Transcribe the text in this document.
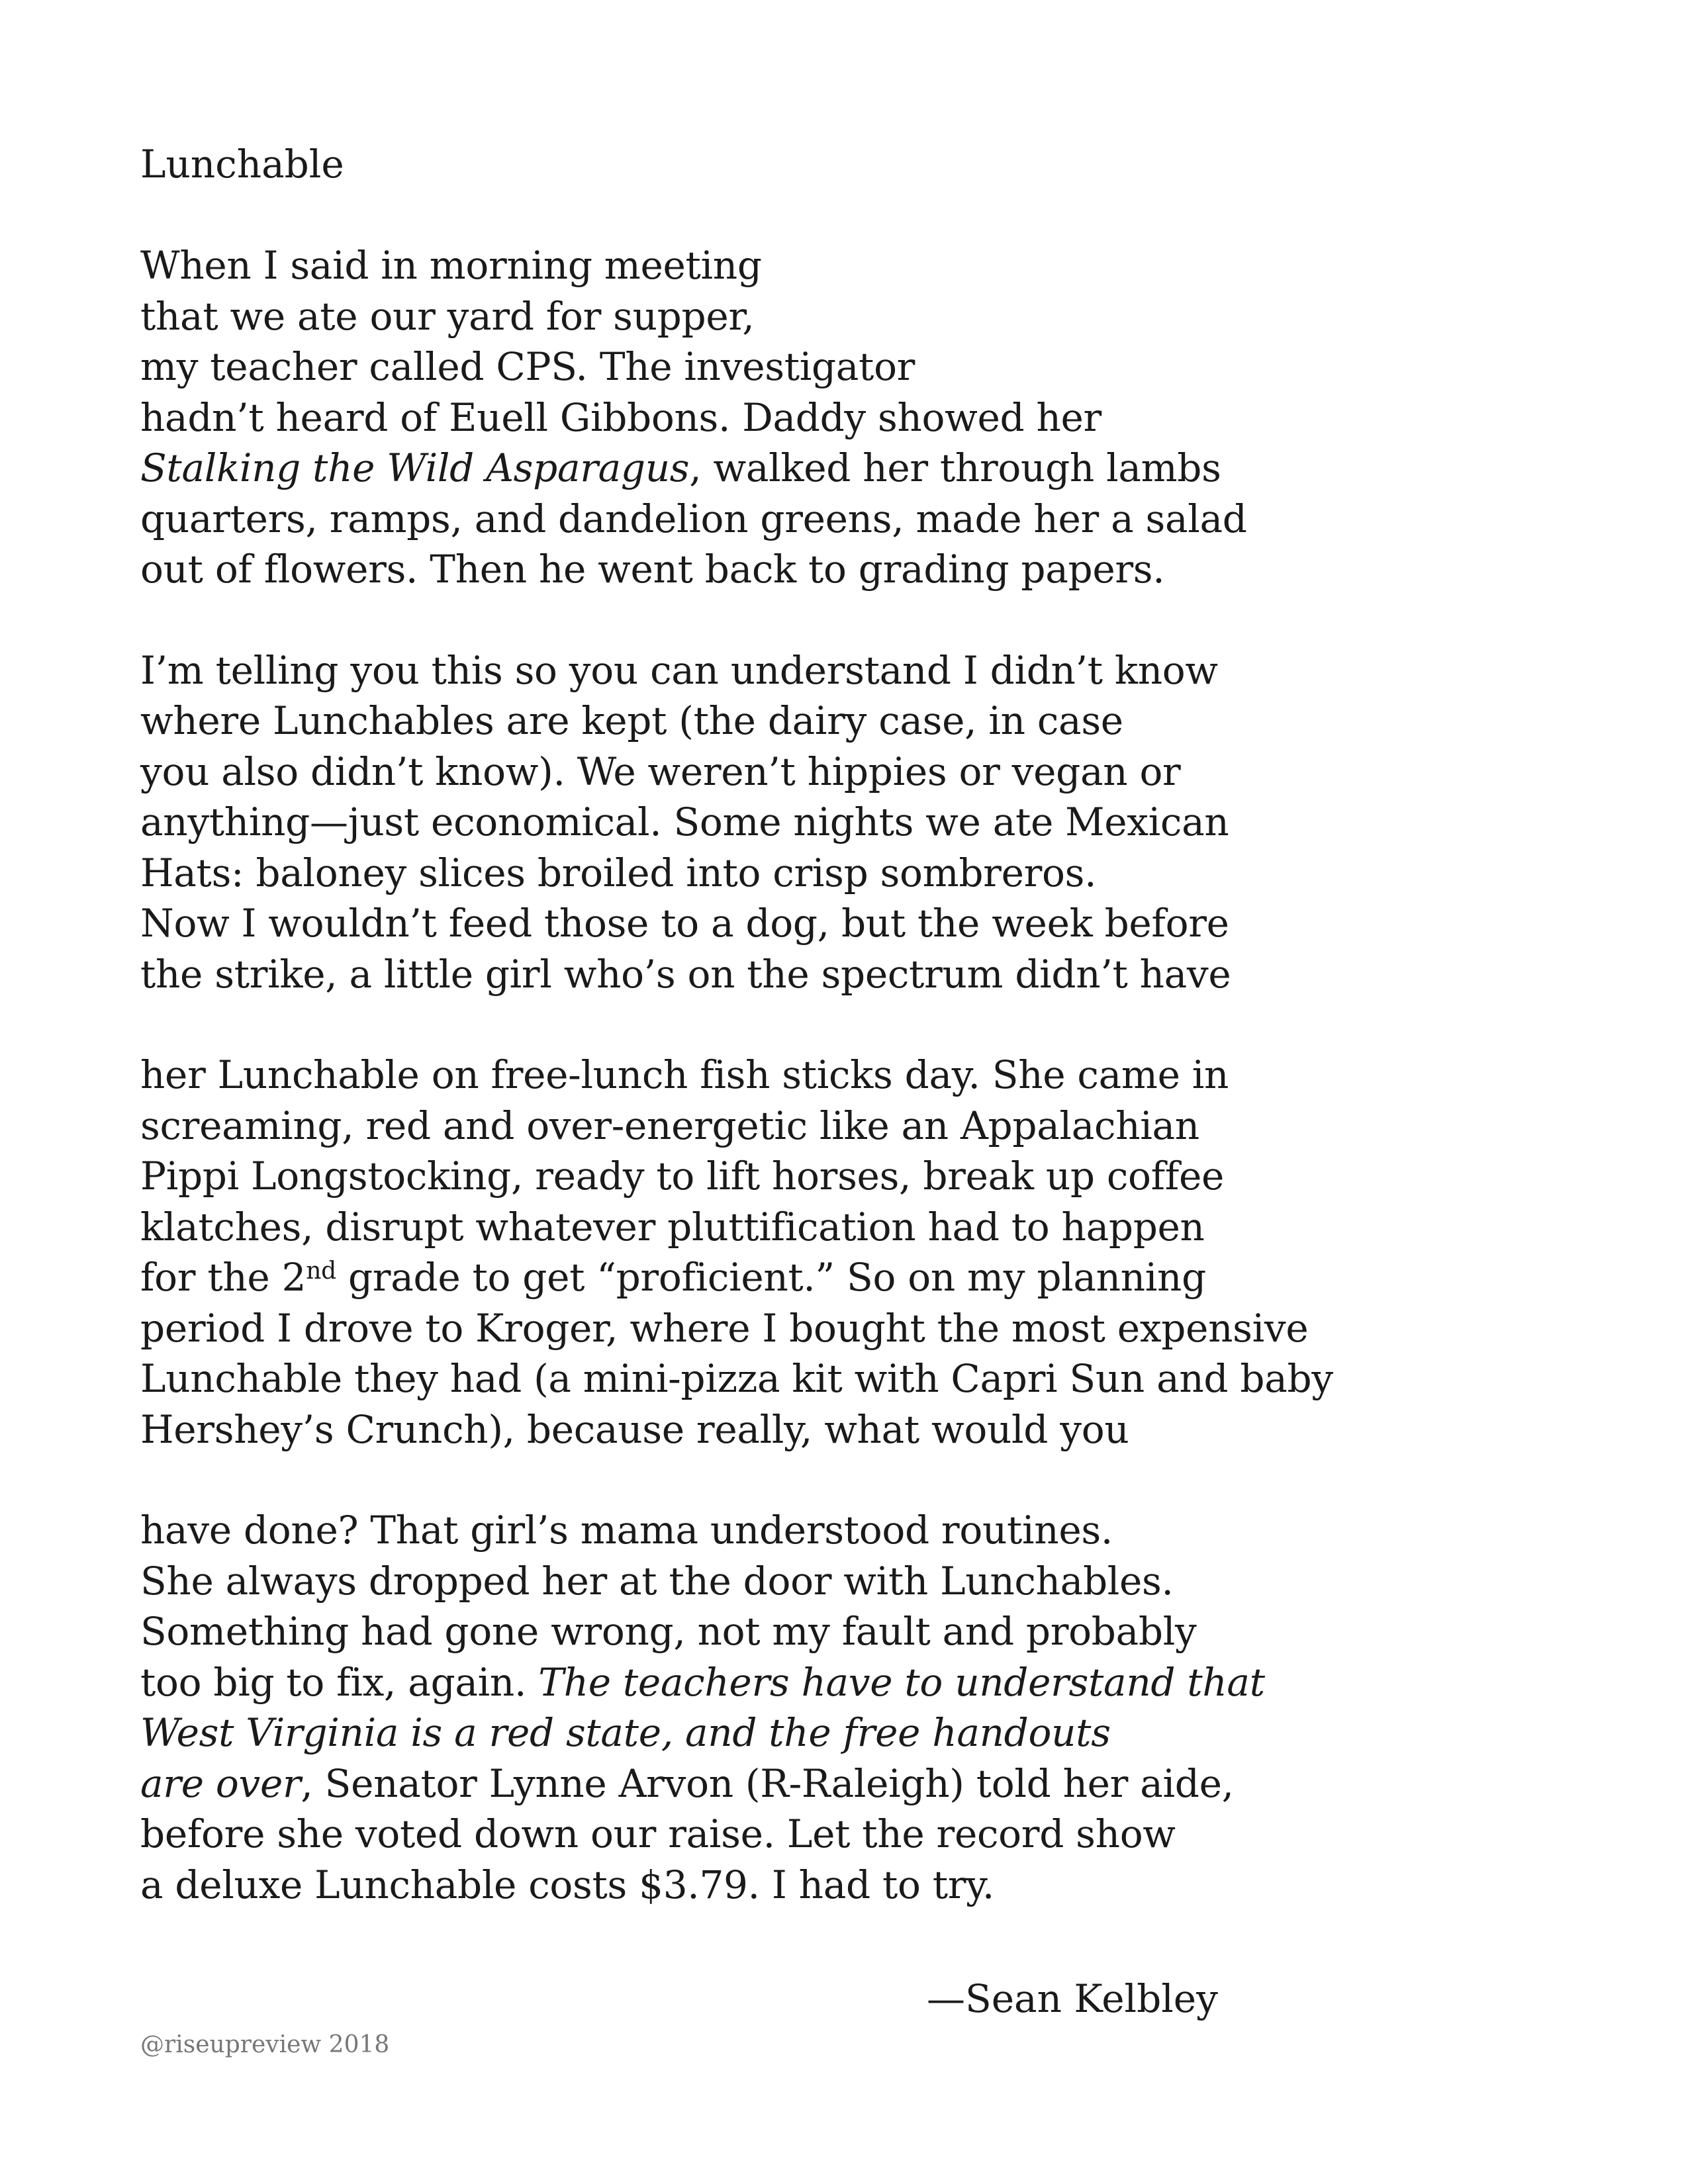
Lunchable

When I said in morning meeting
that we ate our yard for supper,
my teacher called CPS. The investigator
hadn’t heard of Euell Gibbons. Daddy showed her
Stalking the Wild Asparagus, walked her through lambs
quarters, ramps, and dandelion greens, made her a salad
out of flowers. Then he went back to grading papers.
I’m telling you this so you can understand I didn’t know
where Lunchables are kept (the dairy case, in case
you also didn’t know). We weren’t hippies or vegan or
anything—just economical. Some nights we ate Mexican
Hats: baloney slices broiled into crisp sombreros.
Now I wouldn’t feed those to a dog, but the week before
the strike, a little girl who’s on the spectrum didn’t have
her Lunchable on free-lunch fish sticks day. She came in
screaming, red and over-energetic like an Appalachian
Pippi Longstocking, ready to lift horses, break up coffee
klatches, disrupt whatever pluttification had to happen
for the 2nd grade to get “proficient.” So on my planning
period I drove to Kroger, where I bought the most expensive
Lunchable they had (a mini-pizza kit with Capri Sun and baby
Hershey’s Crunch), because really, what would you
have done? That girl’s mama understood routines.
She always dropped her at the door with Lunchables.
Something had gone wrong, not my fault and probably
too big to fix, again. The teachers have to understand that
West Virginia is a red state, and the free handouts
are over, Senator Lynne Arvon (R-Raleigh) told her aide,
before she voted down our raise. Let the record show
a deluxe Lunchable costs $3.79. I had to try.
—Sean Kelbley
@riseupreview 2018
